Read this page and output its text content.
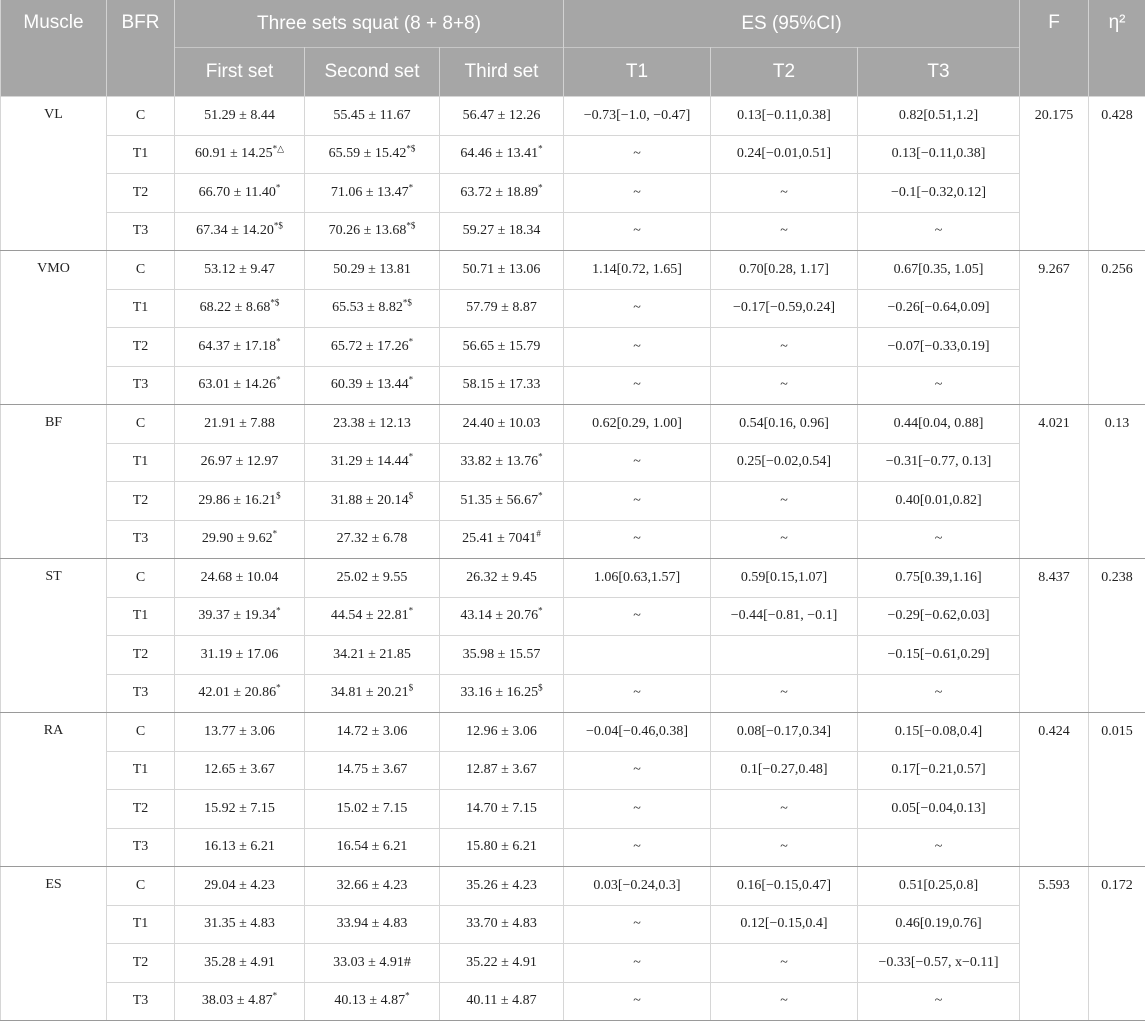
Muscle	BFR	Three sets squat (8 + 8+8)			ES (95%CI)			F	η²
		First set	Second set	Third set	T1	T2	T3		
VL	C	51.29 ± 8.44	55.45 ± 11.67	56.47 ± 12.26	−0.73[−1.0, −0.47]	0.13[−0.11,0.38]	0.82[0.51,1.2]	20.175	0.428
	T1	60.91 ± 14.25*△	65.59 ± 15.42*$	64.46 ± 13.41*	~	0.24[−0.01,0.51]	0.13[−0.11,0.38]		
	T2	66.70 ± 11.40*	71.06 ± 13.47*	63.72 ± 18.89*	~	~	−0.1[−0.32,0.12]		
	T3	67.34 ± 14.20*$	70.26 ± 13.68*$	59.27 ± 18.34	~	~	~		
VMO	C	53.12 ± 9.47	50.29 ± 13.81	50.71 ± 13.06	1.14[0.72, 1.65]	0.70[0.28, 1.17]	0.67[0.35, 1.05]	9.267	0.256
	T1	68.22 ± 8.68*$	65.53 ± 8.82*$	57.79 ± 8.87	~	−0.17[−0.59,0.24]	−0.26[−0.64,0.09]		
	T2	64.37 ± 17.18*	65.72 ± 17.26*	56.65 ± 15.79	~	~	−0.07[−0.33,0.19]		
	T3	63.01 ± 14.26*	60.39 ± 13.44*	58.15 ± 17.33	~	~	~		
BF	C	21.91 ± 7.88	23.38 ± 12.13	24.40 ± 10.03	0.62[0.29, 1.00]	0.54[0.16, 0.96]	0.44[0.04, 0.88]	4.021	0.13
	T1	26.97 ± 12.97	31.29 ± 14.44*	33.82 ± 13.76*	~	0.25[−0.02,0.54]	−0.31[−0.77, 0.13]		
	T2	29.86 ± 16.21$	31.88 ± 20.14$	51.35 ± 56.67*	~	~	0.40[0.01,0.82]		
	T3	29.90 ± 9.62*	27.32 ± 6.78	25.41 ± 7041#	~	~	~		
ST	C	24.68 ± 10.04	25.02 ± 9.55	26.32 ± 9.45	1.06[0.63,1.57]	0.59[0.15,1.07]	0.75[0.39,1.16]	8.437	0.238
	T1	39.37 ± 19.34*	44.54 ± 22.81*	43.14 ± 20.76*	~	−0.44[−0.81, −0.1]	−0.29[−0.62,0.03]		
	T2	31.19 ± 17.06	34.21 ± 21.85	35.98 ± 15.57			−0.15[−0.61,0.29]		
	T3	42.01 ± 20.86*	34.81 ± 20.21$	33.16 ± 16.25$	~	~	~		
RA	C	13.77 ± 3.06	14.72 ± 3.06	12.96 ± 3.06	−0.04[−0.46,0.38]	0.08[−0.17,0.34]	0.15[−0.08,0.4]	0.424	0.015
	T1	12.65 ± 3.67	14.75 ± 3.67	12.87 ± 3.67	~	0.1[−0.27,0.48]	0.17[−0.21,0.57]		
	T2	15.92 ± 7.15	15.02 ± 7.15	14.70 ± 7.15	~	~	0.05[−0.04,0.13]		
	T3	16.13 ± 6.21	16.54 ± 6.21	15.80 ± 6.21	~	~	~		
ES	C	29.04 ± 4.23	32.66 ± 4.23	35.26 ± 4.23	0.03[−0.24,0.3]	0.16[−0.15,0.47]	0.51[0.25,0.8]	5.593	0.172
	T1	31.35 ± 4.83	33.94 ± 4.83	33.70 ± 4.83	~	0.12[−0.15,0.4]	0.46[0.19,0.76]		
	T2	35.28 ± 4.91	33.03 ± 4.91#	35.22 ± 4.91	~	~	−0.33[−0.57, x−0.11]		
	T3	38.03 ± 4.87*	40.13 ± 4.87*	40.11 ± 4.87	~	~	~		
